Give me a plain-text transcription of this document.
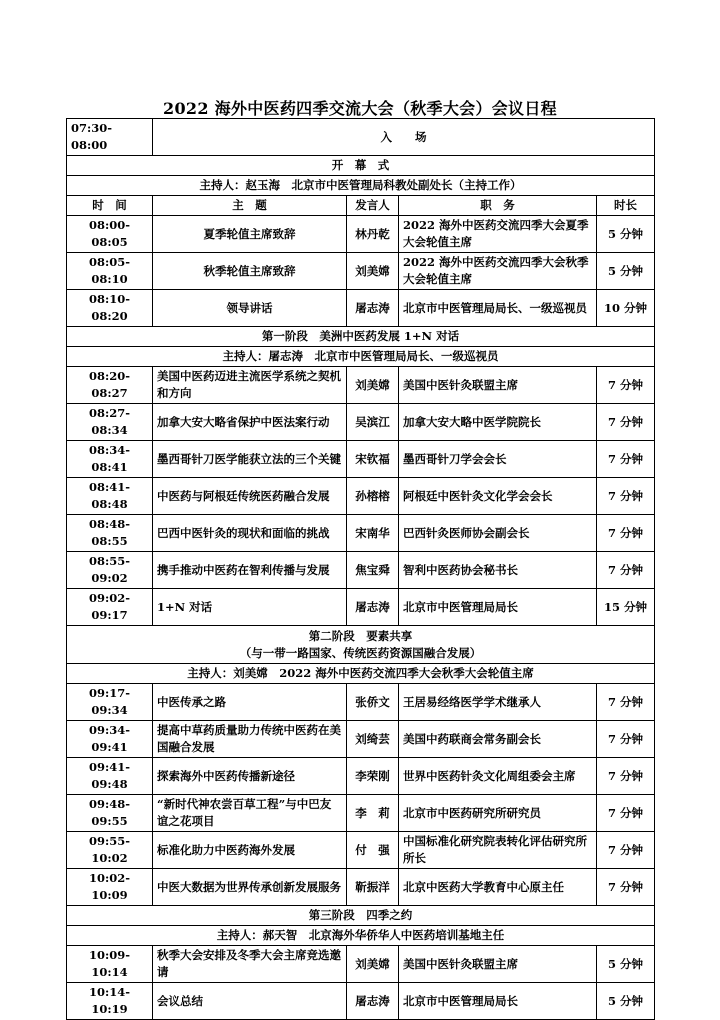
2022 海外中医药四季交流大会（秋季大会）会议日程
07:30-08:00	入　　场			
开　幕　式				
主持人：赵玉海　北京市中医管理局科教处副处长（主持工作）				
时　间	主　题	发言人	职　务	时长
08:00-08:05	夏季轮值主席致辞	林丹乾	2022 海外中医药交流四季大会夏季大会轮值主席	5 分钟
08:05-08:10	秋季轮值主席致辞	刘美嫦	2022 海外中医药交流四季大会秋季大会轮值主席	5 分钟
08:10-08:20	领导讲话	屠志涛	北京市中医管理局局长、一级巡视员	10 分钟
第一阶段　美洲中医药发展 1+N 对话				
主持人：屠志涛　北京市中医管理局局长、一级巡视员				
08:20-08:27	美国中医药迈进主流医学系统之契机和方向	刘美嫦	美国中医针灸联盟主席	7 分钟
08:27-08:34	加拿大安大略省保护中医法案行动	吴滨江	加拿大安大略中医学院院长	7 分钟
08:34-08:41	墨西哥针刀医学能获立法的三个关键	宋钦福	墨西哥针刀学会会长	7 分钟
08:41-08:48	中医药与阿根廷传统医药融合发展	孙榕榕	阿根廷中医针灸文化学会会长	7 分钟
08:48-08:55	巴西中医针灸的现状和面临的挑战	宋南华	巴西针灸医师协会副会长	7 分钟
08:55-09:02	携手推动中医药在智利传播与发展	焦宝舜	智利中医药协会秘书长	7 分钟
09:02-09:17	1+N 对话	屠志涛	北京市中医管理局局长	15 分钟

第二阶段　要素共享
（与一带一路国家、传统医药资源国融合发展）				

主持人：刘美嫦　2022 海外中医药交流四季大会秋季大会轮值主席				
09:17-09:34	中医传承之路	张侨文	王居易经络医学学术继承人	7 分钟
09:34-09:41	提高中草药质量助力传统中医药在美国融合发展	刘绮芸	美国中药联商会常务副会长	7 分钟
09:41-09:48	探索海外中医药传播新途径	李荣刚	世界中医药针灸文化周组委会主席	7 分钟
09:48-09:55	“新时代神农尝百草工程”与中巴友谊之花项目	李　莉	北京市中医药研究所研究员	7 分钟
09:55-10:02	标准化助力中医药海外发展	付　强	中国标准化研究院表转化评估研究所所长	7 分钟
10:02-10:09	中医大数据为世界传承创新发展服务	靳振洋	北京中医药大学教育中心原主任	7 分钟
第三阶段　四季之约				
主持人：郝天智　北京海外华侨华人中医药培训基地主任				
10:09-10:14	秋季大会安排及冬季大会主席竞选邀请	刘美嫦	美国中医针灸联盟主席	5 分钟
10:14-10:19	会议总结	屠志涛	北京市中医管理局局长	5 分钟
